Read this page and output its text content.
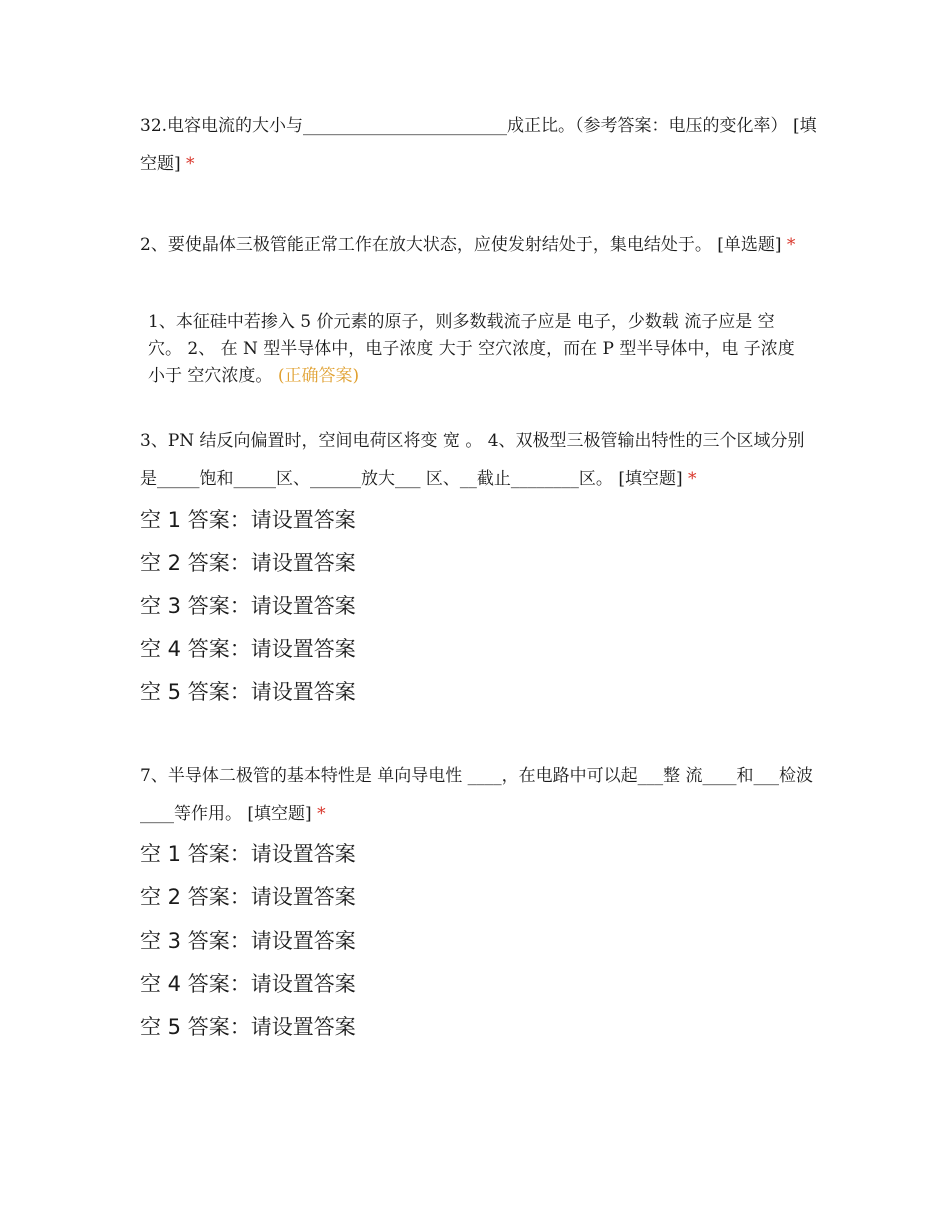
32.电容电流的大小与________________________成正比。（参考答案：电压的变化率） [填空题] *
2、要使晶体三极管能正常工作在放大状态，应使发射结处于，集电结处于。 [单选题] *
1、本征硅中若掺入 5 价元素的原子，则多数载流子应是 电子，少数载 流子应是 空穴。 2、 在 N 型半导体中，电子浓度 大于 空穴浓度，而在 P 型半导体中，电 子浓度 小于 空穴浓度。 (正确答案)
3、PN 结反向偏置时，空间电荷区将变 宽 。 4、双极型三极管输出特性的三个区域分别是_____饱和_____区、______放大___ 区、__截止________区。 [填空题] *
空 1 答案：请设置答案
空 2 答案：请设置答案
空 3 答案：请设置答案
空 4 答案：请设置答案
空 5 答案：请设置答案
7、半导体二极管的基本特性是 单向导电性 ____，在电路中可以起___整 流____和___检波____等作用。 [填空题] *
空 1 答案：请设置答案
空 2 答案：请设置答案
空 3 答案：请设置答案
空 4 答案：请设置答案
空 5 答案：请设置答案
